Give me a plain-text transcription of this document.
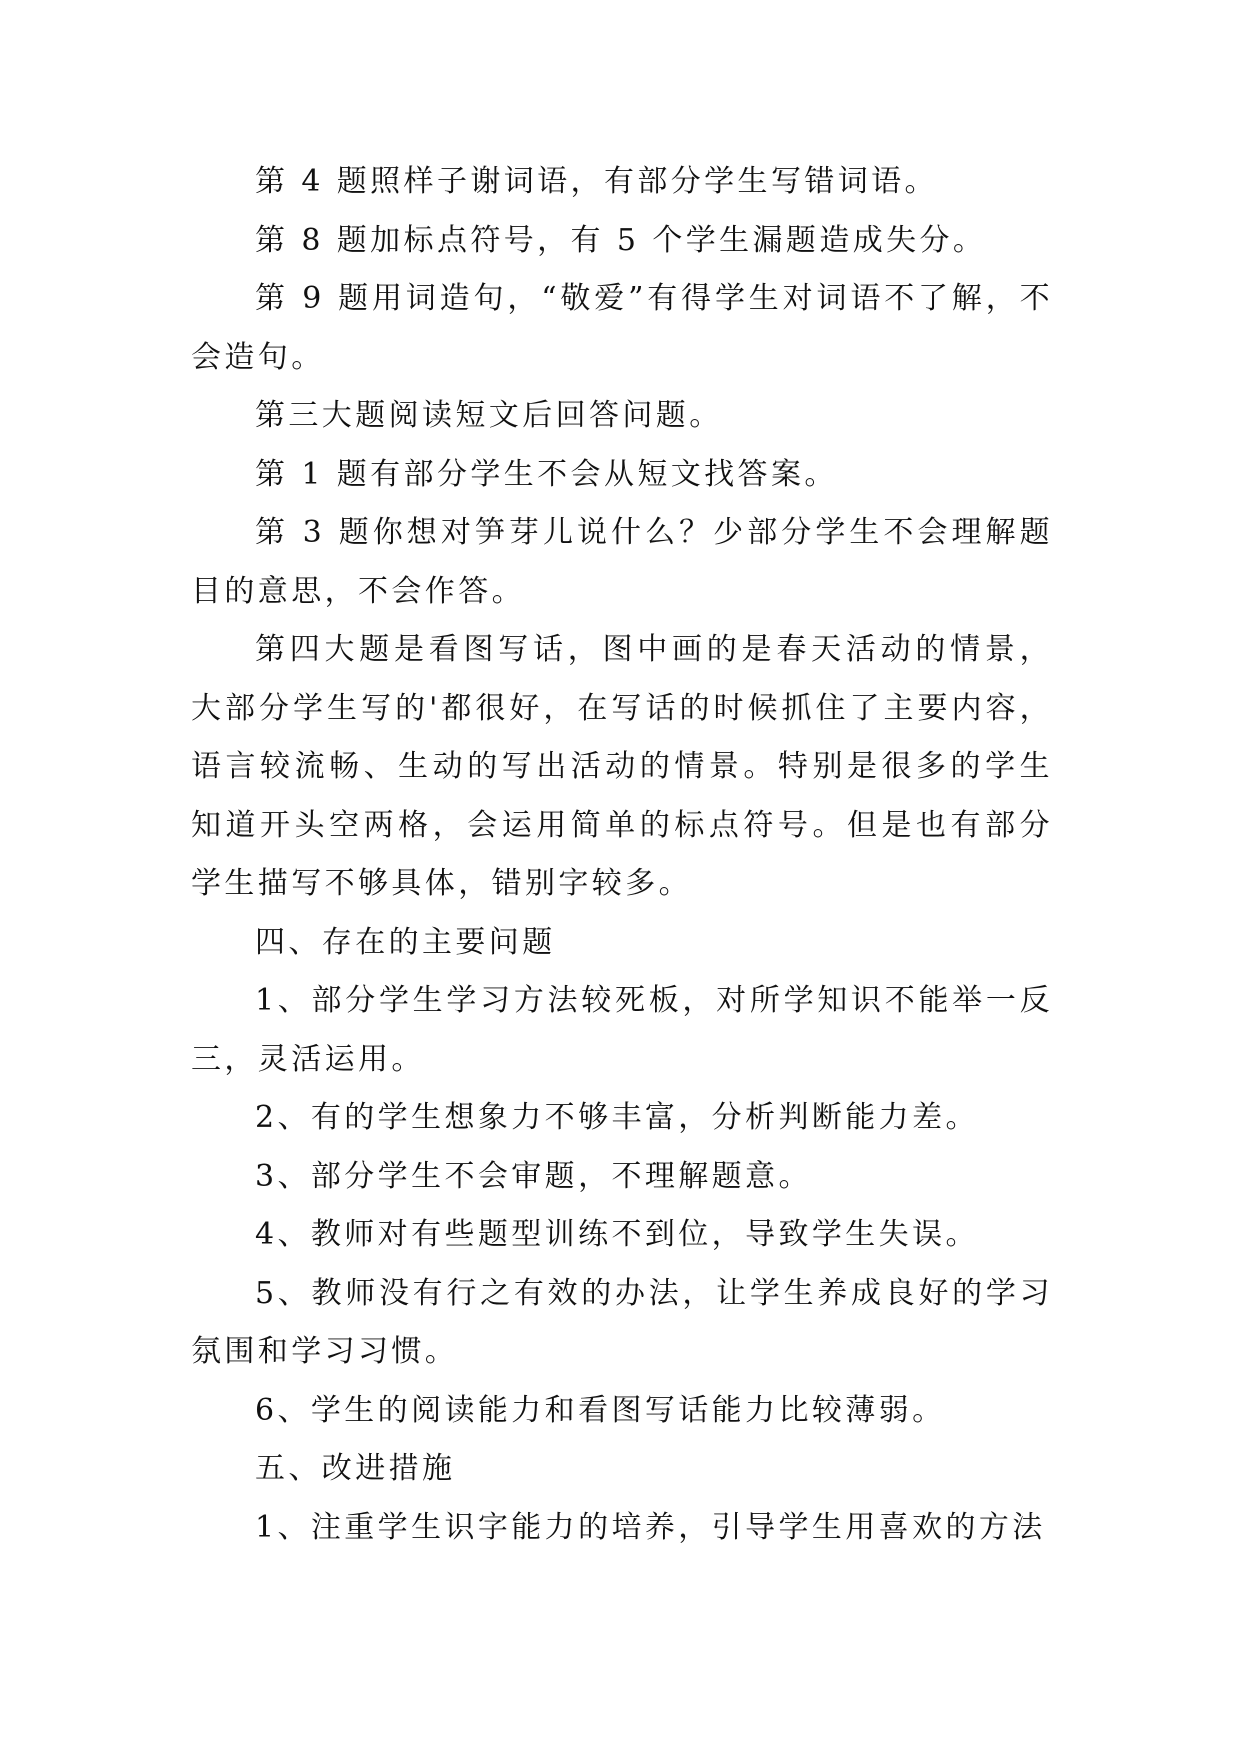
第 4 题照样子谢词语，有部分学生写错词语。

第 8 题加标点符号，有 5 个学生漏题造成失分。

第 9 题用词造句，“敬爱”有得学生对词语不了解，不会造句。

第三大题阅读短文后回答问题。

第 1 题有部分学生不会从短文找答案。

第 3 题你想对笋芽儿说什么？少部分学生不会理解题目的意思，不会作答。

第四大题是看图写话，图中画的是春天活动的情景，大部分学生写的'都很好，在写话的时候抓住了主要内容，语言较流畅、生动的写出活动的情景。特别是很多的学生知道开头空两格，会运用简单的标点符号。但是也有部分学生描写不够具体，错别字较多。

四、存在的主要问题

1、部分学生学习方法较死板，对所学知识不能举一反三，灵活运用。

2、有的学生想象力不够丰富，分析判断能力差。

3、部分学生不会审题，不理解题意。

4、教师对有些题型训练不到位，导致学生失误。

5、教师没有行之有效的办法，让学生养成良好的学习氛围和学习习惯。

6、学生的阅读能力和看图写话能力比较薄弱。

五、改进措施

1、注重学生识字能力的培养，引导学生用喜欢的方法
